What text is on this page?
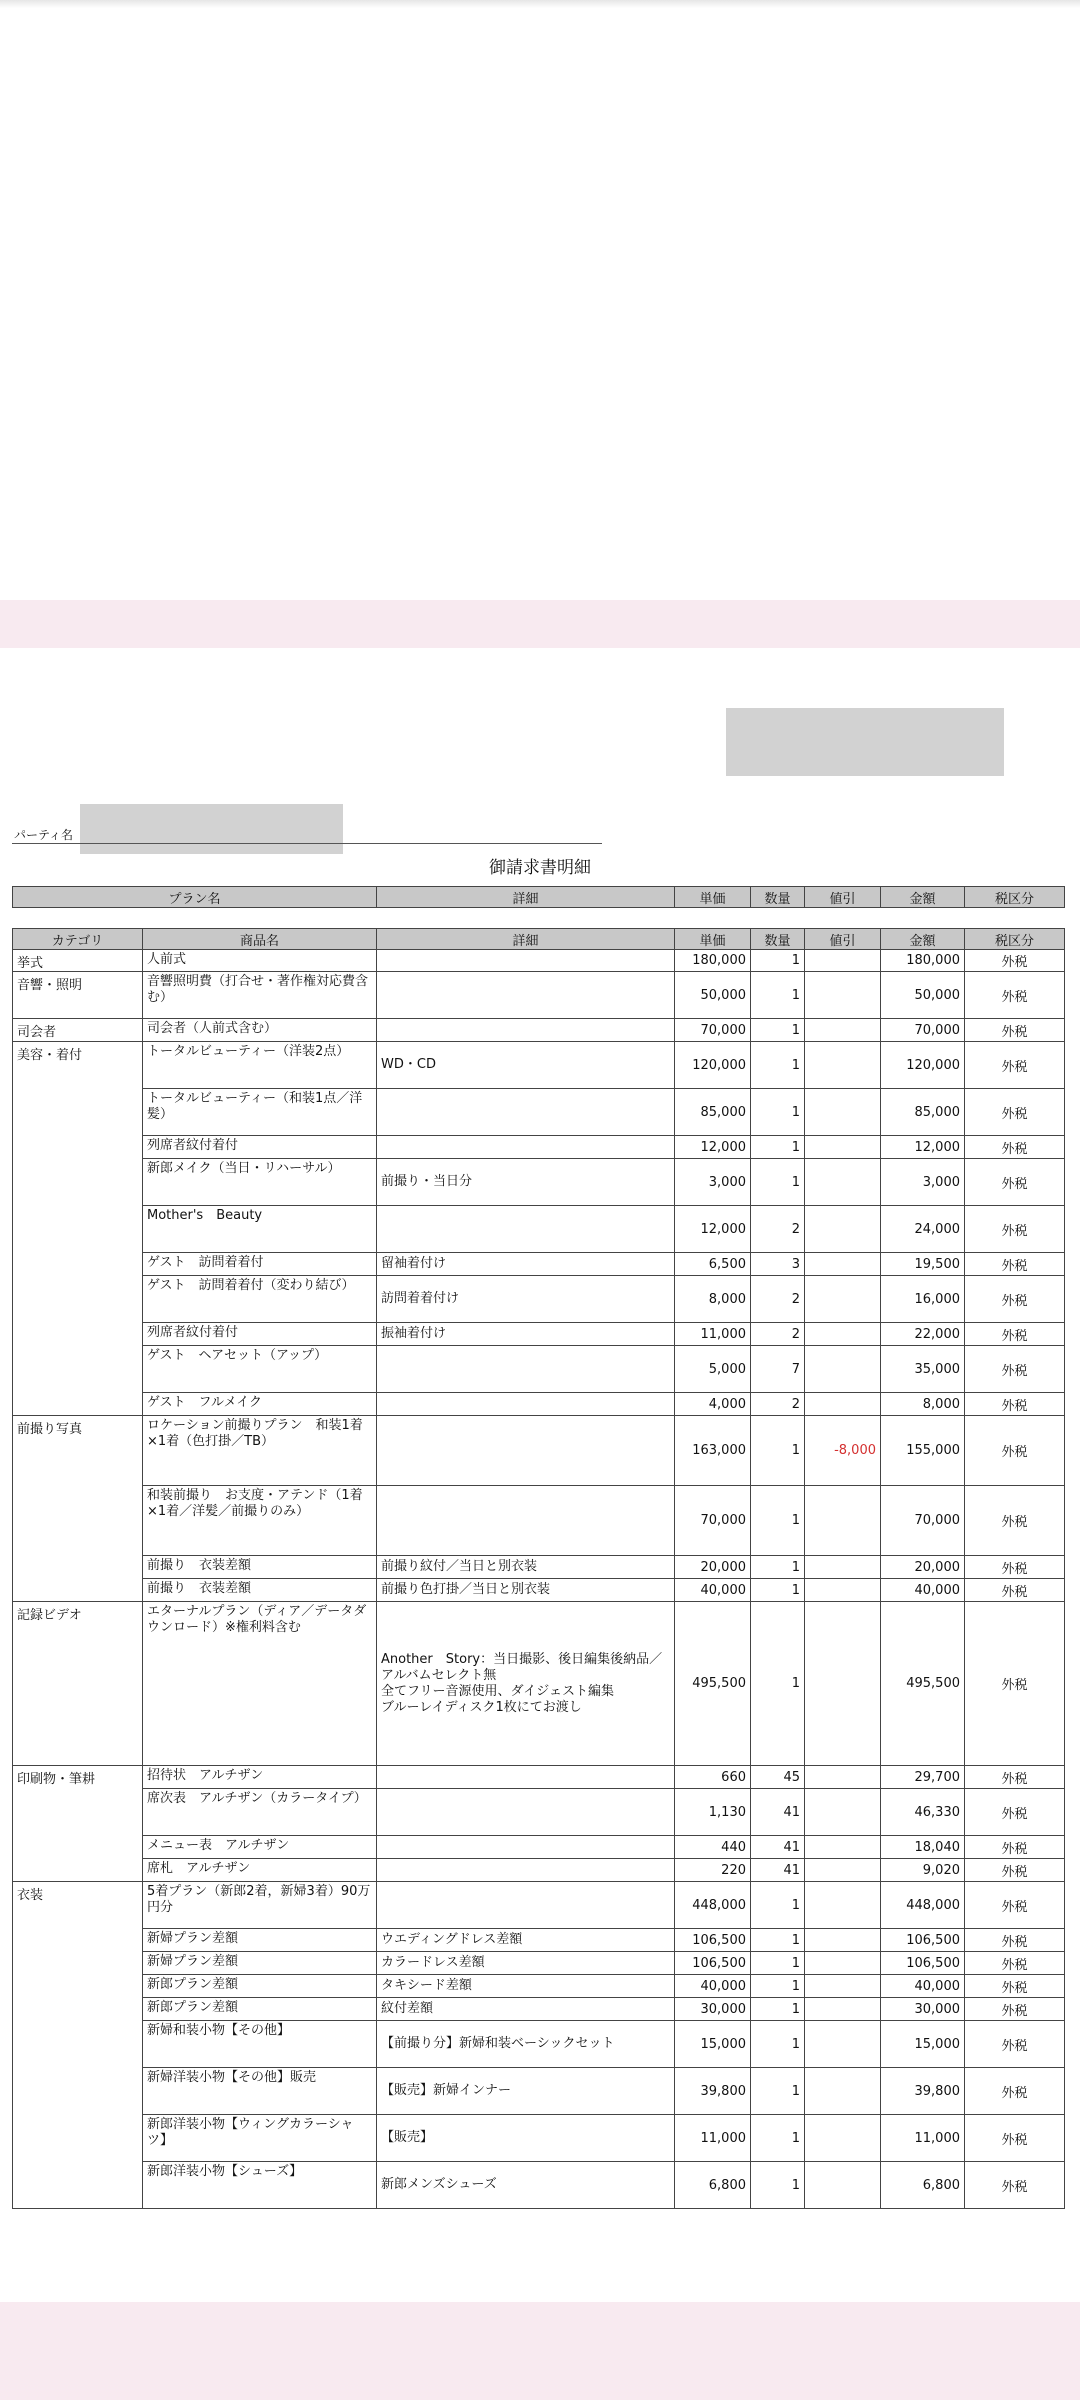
パーティ名
御請求書明細
プラン名	詳細	単価	数量	値引	金額	税区分
カテゴリ	商品名	詳細	単価	数量	値引	金額	税区分
挙式	人前式		180,000	1		180,000	外税
音響・照明	音響照明費（打合せ・著作権対応費含む）		50,000	1		50,000	外税
司会者	司会者（人前式含む）		70,000	1		70,000	外税
美容・着付	トータルビューティー（洋装2点）	WD・CD	120,000	1		120,000	外税
	トータルビューティー（和装1点／洋髪）		85,000	1		85,000	外税
	列席者紋付着付		12,000	1		12,000	外税
	新郎メイク（当日・リハーサル）	前撮り・当日分	3,000	1		3,000	外税
	Mother's　Beauty		12,000	2		24,000	外税
	ゲスト　訪問着着付	留袖着付け	6,500	3		19,500	外税
	ゲスト　訪問着着付（変わり結び）	訪問着着付け	8,000	2		16,000	外税
	列席者紋付着付	振袖着付け	11,000	2		22,000	外税
	ゲスト　ヘアセット（アップ）		5,000	7		35,000	外税
	ゲスト　フルメイク		4,000	2		8,000	外税
前撮り写真	ロケーション前撮りプラン　和装1着×1着（色打掛／TB）		163,000	1	-8,000	155,000	外税
	和装前撮り　お支度・アテンド（1着×1着／洋髪／前撮りのみ）		70,000	1		70,000	外税
	前撮り　衣装差額	前撮り紋付／当日と別衣装	20,000	1		20,000	外税
	前撮り　衣装差額	前撮り色打掛／当日と別衣装	40,000	1		40,000	外税
記録ビデオ	エターナルプラン（ディア／データダウンロード）※権利料含む	Another　Story：当日撮影、後日編集後納品／アルバムセレクト無
全てフリー音源使用、ダイジェスト編集
ブルーレイディスク1枚にてお渡し	495,500	1		495,500	外税
印刷物・筆耕	招待状　アルチザン		660	45		29,700	外税
	席次表　アルチザン（カラータイプ）		1,130	41		46,330	外税
	メニュー表　アルチザン		440	41		18,040	外税
	席札　アルチザン		220	41		9,020	外税
衣装	5着プラン（新郎2着，新婦3着）90万円分		448,000	1		448,000	外税
	新婦プラン差額	ウエディングドレス差額	106,500	1		106,500	外税
	新婦プラン差額	カラードレス差額	106,500	1		106,500	外税
	新郎プラン差額	タキシード差額	40,000	1		40,000	外税
	新郎プラン差額	紋付差額	30,000	1		30,000	外税
	新婦和装小物【その他】	【前撮り分】新婦和装ベーシックセット	15,000	1		15,000	外税
	新婦洋装小物【その他】販売	【販売】新婦インナー	39,800	1		39,800	外税
	新郎洋装小物【ウィングカラーシャツ】	【販売】	11,000	1		11,000	外税
	新郎洋装小物【シューズ】	新郎メンズシューズ	6,800	1		6,800	外税
